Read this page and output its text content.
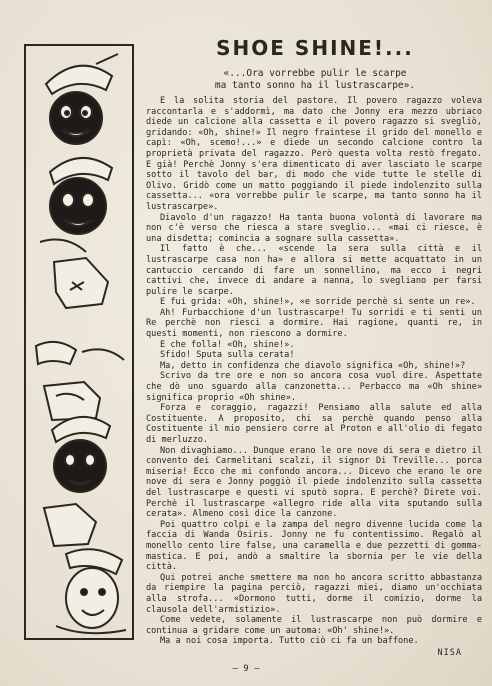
SHOE SHINE!...
«...Ora vorrebbe pulir le scarpe
ma tanto sonno ha il lustrascarpe».

E la solita storia del pastore. Il povero ragazzo voleva raccontarla e s'addormì, ma dato che Jonny era mezzo ubriaco diede un calcione alla cassetta e il povero ragazzo si svegliò, gridando: «Oh, shine!» Il negro fraintese il grido del monello e capì: «Oh, scemo!...» e diede un secondo calcione contro la proprietà privata del ragazzo. Però questa volta restò fregato. E già! Perchè Jonny s'era dimenticato di aver lasciato le scarpe sotto il tavolo del bar, di modo che vide tutte le stelle di Olivo. Gridò come un matto poggiando il piede indolenzito sulla cassetta... «ora vorrebbe pulir le scarpe, ma tanto sonno ha il lustrascarpe».

Diavolo d'un ragazzo! Ha tanta buona volontà di lavorare ma non c'è verso che riesca a stare sveglio... «mai ci riesce, è una disdetta; comincia a sognare sulla cassetta».

Il fatto è che... «scende la sera sulla città e il lustrascarpe casa non ha» e allora si mette acquattato in un cantuccio cercando di fare un sonnellino, ma ecco i negri cattivi che, invece di andare a nanna, lo svegliano per farsi pulire le scarpe.

E fui grida: «Oh, shine!», «e sorride perchè si sente un re».

Ah! Furbacchione d'un lustrascarpe! Tu sorridi e ti senti un Re perchè non riesci a dormire. Hai ragione, quanti re, in questi momenti, non riescono a dormire.

E che folla! «Oh, shine!».

Sfido! Sputa sulla cerata!

Ma, detto in confidenza che diavolo significa «Oh, shine!»?

Scrivo da tre ore e non so ancora cosa vuol dire. Aspettate che dò uno sguardo alla canzonetta... Perbacco ma «Oh shine» significa proprio «Oh shine».

Forza e coraggio, ragazzi! Pensiamo alla salute ed alla Costituente. A proposito, chi sa perchè quando penso alla Costituente il mio pensiero corre al Proton e all'olio di fegato di merluzzo.

Non divaghiamo... Dunque erano le ore nove di sera e dietro il convento dei Carmelitani scalzi, il signor Di Treville... porca miseria! Ecco che mi confondo ancora... Dicevo che erano le ore nove di sera e Jonny poggiò il piede indolenzito sulla cassetta del lustrascarpe e questi vi sputò sopra. E perchè? Direte voi. Perchè il lustrascarpe «allegro ride alla vita sputando sulla cerata». Almeno così dice la canzone.

Poi quattro colpi e la zampa del negro divenne lucida come la faccia di Wanda Osiris. Jonny ne fu contentissimo. Regalò al monello cento lire false, una caramella e due pezzetti di gomma-mastica. E poi, andò a smaltire la sbornia per le vie della città.

Qui potrei anche smettere ma non ho ancora scritto abbastanza da riempire la pagina perciò, ragazzi miei, diamo un'occhiata alla strofa... «Dormono tutti, dorme il comizio, dorme la clausola dell'armistizio».

Come vedete, solamente il lustrascarpe non può dormire e continua a gridare come un automa: «Oh' shine!».

Ma a noi cosa importa. Tutto ciò ci fa un baffone.

NISA
— 9 —
